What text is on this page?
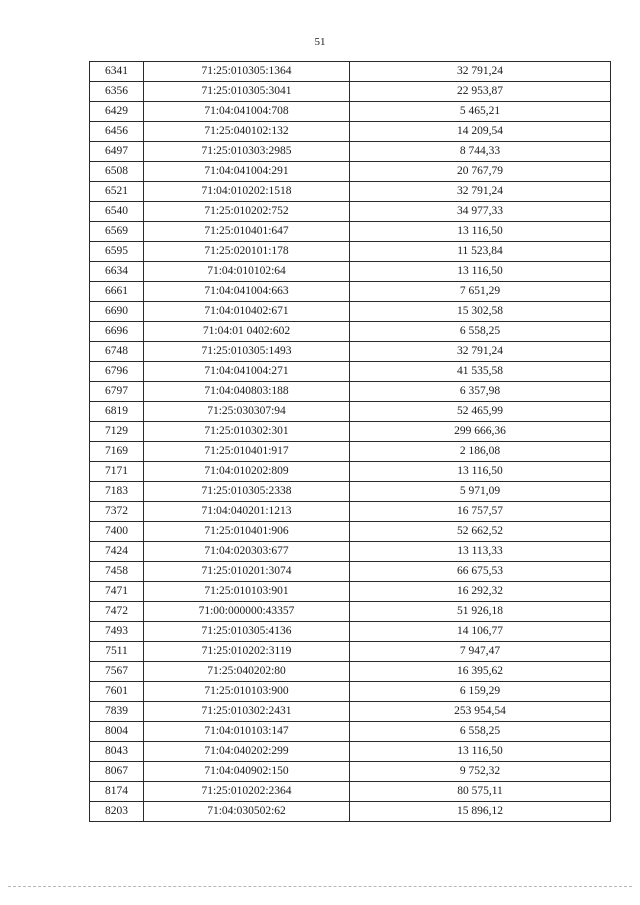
51
6341	71:25:010305:1364	32 791,24
6356	71:25:010305:3041	22 953,87
6429	71:04:041004:708	5 465,21
6456	71:25:040102:132	14 209,54
6497	71:25:010303:2985	8 744,33
6508	71:04:041004:291	20 767,79
6521	71:04:010202:1518	32 791,24
6540	71:25:010202:752	34 977,33
6569	71:25:010401:647	13 116,50
6595	71:25:020101:178	11 523,84
6634	71:04:010102:64	13 116,50
6661	71:04:041004:663	7 651,29
6690	71:04:010402:671	15 302,58
6696	71:04:01 0402:602	6 558,25
6748	71:25:010305:1493	32 791,24
6796	71:04:041004:271	41 535,58
6797	71:04:040803:188	6 357,98
6819	71:25:030307:94	52 465,99
7129	71:25:010302:301	299 666,36
7169	71:25:010401:917	2 186,08
7171	71:04:010202:809	13 116,50
7183	71:25:010305:2338	5 971,09
7372	71:04:040201:1213	16 757,57
7400	71:25:010401:906	52 662,52
7424	71:04:020303:677	13 113,33
7458	71:25:010201:3074	66 675,53
7471	71:25:010103:901	16 292,32
7472	71:00:000000:43357	51 926,18
7493	71:25:010305:4136	14 106,77
7511	71:25:010202:3119	7 947,47
7567	71:25:040202:80	16 395,62
7601	71:25:010103:900	6 159,29
7839	71:25:010302:2431	253 954,54
8004	71:04:010103:147	6 558,25
8043	71:04:040202:299	13 116,50
8067	71:04:040902:150	9 752,32
8174	71:25:010202:2364	80 575,11
8203	71:04:030502:62	15 896,12
